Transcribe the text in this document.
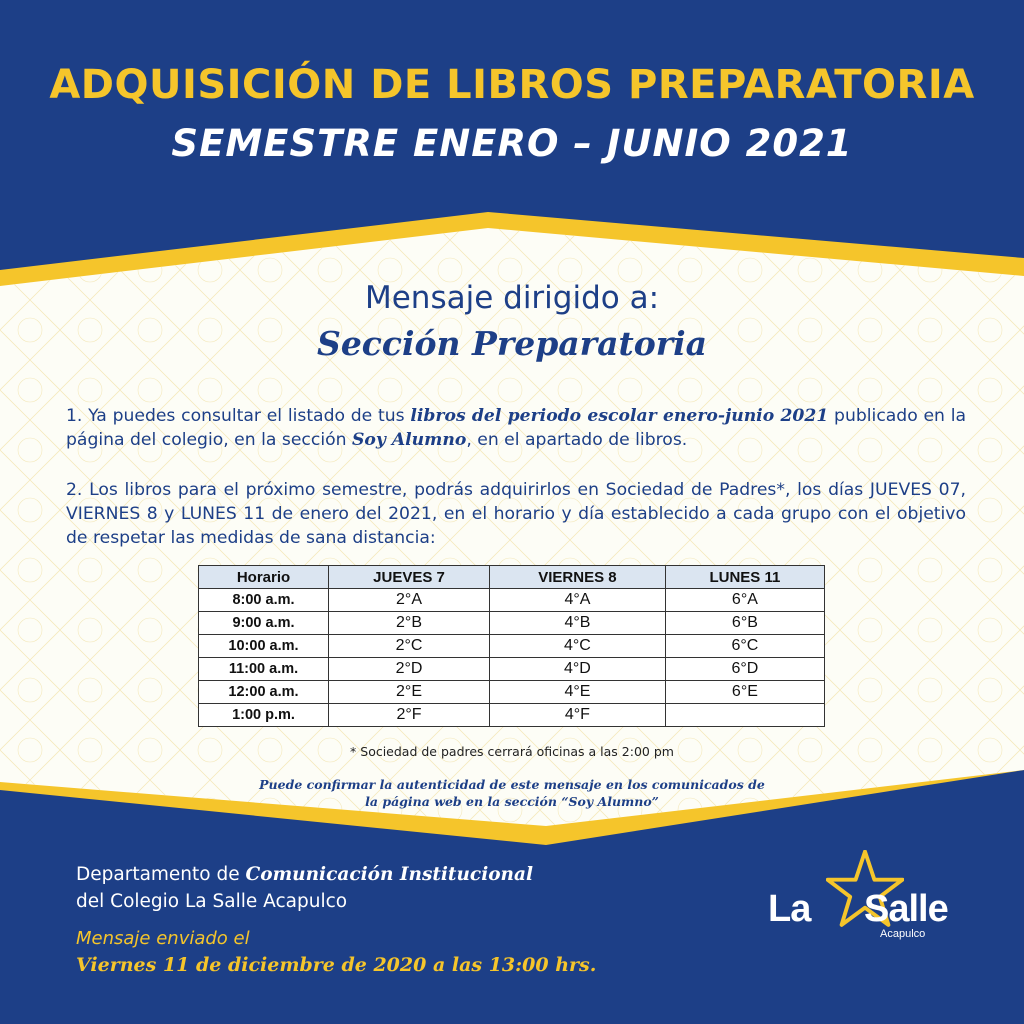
ADQUISICIÓN DE LIBROS PREPARATORIA
SEMESTRE ENERO – JUNIO 2021
Mensaje dirigido a:
Sección Preparatoria
1. Ya puedes consultar el listado de tus libros del periodo escolar enero-junio 2021 publicado en la página del colegio, en la sección Soy Alumno, en el apartado de libros.
2. Los libros para el próximo semestre, podrás adquirirlos en Sociedad de Padres*, los días JUEVES 07, VIERNES 8 y LUNES 11 de enero del 2021, en el horario y día establecido a cada grupo con el objetivo de respetar las medidas de sana distancia:
Horario	JUEVES 7	VIERNES 8	LUNES 11
8:00 a.m.	2°A	4°A	6°A
9:00 a.m.	2°B	4°B	6°B
10:00 a.m.	2°C	4°C	6°C
11:00 a.m.	2°D	4°D	6°D
12:00 a.m.	2°E	4°E	6°E
1:00 p.m.	2°F	4°F	
* Sociedad de padres cerrará oficinas a las 2:00 pm
Puede confirmar la autenticidad de este mensaje en los comunicados de
la página web en la sección “Soy Alumno”
Departamento de Comunicación Institucional
del Colegio La Salle Acapulco
Mensaje enviado el
Viernes 11 de diciembre de 2020 a las 13:00 hrs.
La Salle
Acapulco
